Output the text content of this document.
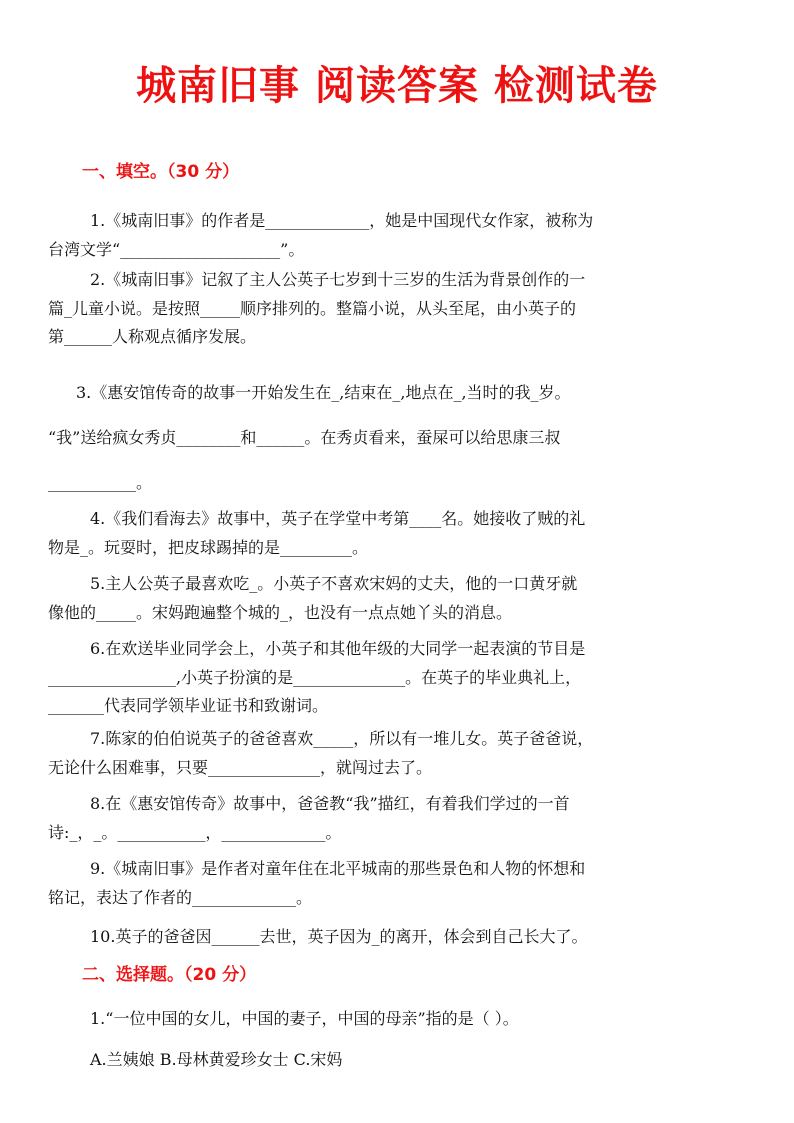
城南旧事 阅读答案 检测试卷
一、填空。（30 分）
1.《城南旧事》的作者是_____________，她是中国现代女作家，被称为
台湾文学“____________________”。
2.《城南旧事》记叙了主人公英子七岁到十三岁的生活为背景创作的一
篇_儿童小说。是按照_____顺序排列的。整篇小说，从头至尾，由小英子的
第______人称观点循序发展。
3.《惠安馆传奇的故事一开始发生在_,结束在_,地点在_,当时的我_岁。
“我”送给疯女秀贞________和______。在秀贞看来，蚕屎可以给思康三叔
___________。
4.《我们看海去》故事中，英子在学堂中考第____名。她接收了贼的礼
物是_。玩耍时，把皮球踢掉的是_________。
5.主人公英子最喜欢吃_。小英子不喜欢宋妈的丈夫，他的一口黄牙就
像他的_____。宋妈跑遍整个城的_，也没有一点点她丫头的消息。
6.在欢送毕业同学会上，小英子和其他年级的大同学一起表演的节目是
________________,小英子扮演的是______________。在英子的毕业典礼上，
_______代表同学领毕业证书和致谢词。
7.陈家的伯伯说英子的爸爸喜欢_____，所以有一堆儿女。英子爸爸说，
无论什么困难事，只要______________，就闯过去了。
8.在《惠安馆传奇》故事中，爸爸教“我”描红，有着我们学过的一首
诗:_，_。___________，_____________。
9.《城南旧事》是作者对童年住在北平城南的那些景色和人物的怀想和
铭记，表达了作者的_____________。
10.英子的爸爸因______去世，英子因为_的离开，体会到自己长大了。
二、选择题。（20 分）
1.“一位中国的女儿，中国的妻子，中国的母亲”指的是（ ）。
A.兰姨娘 B.母林黄爱珍女士 C.宋妈
